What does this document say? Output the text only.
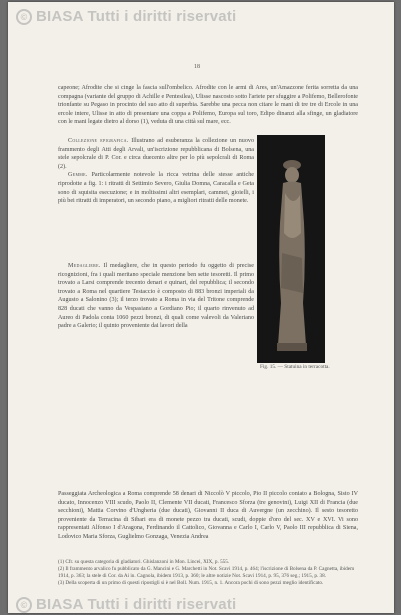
© BIASA Tutti i diritti riservati
18

capeone; Afrodite che si cinge la fascia sull'ombelico. Afrodite con le armi di Ares, un'Amazzone ferita sorretta da una compagna (variante del gruppo di Achille e Pentesilea), Ulisse nascosto sotto l'ariete per sfuggire a Polifemo, Bellerofonte trionfante su Pegaso in procinto del suo atto di superbia. Sarebbe una pecca non citare le mani di tre tre di Ercole in una ercole intere, Ulisse in atto di presentare una coppa a Polifemo, Europa sul toro, Edipo dinanzi alla sfinge, un gladiatore con le mani legate dietro al dorso (1), veduta di una città sul mare, ecc.

Collezione epigrafica. Illustrano ad esuberanza la collezione un nuovo frammento degli Atti degli Arvali, un'iscrizione repubblicana di Bolsena, una stele sepolcrale di P. Cor. e circa duecento altre per lo più sepolcrali di Roma (2).

Gemme. Particolarmente notevole la ricca vetrina delle stesse antiche riprodotte a fig. 1: i ritratti di Settimio Severo, Giulia Domna, Caracalla e Geta sono di squisita esecuzione; e in moltissimi altri esemplari, cammei, gioielli, i più bei ritratti di imperatori, un secondo piano, a migliori ritratti delle monete.

Medagliere. Il medagliere, che in questo periodo fu oggetto di precise ricognizioni, fra i quali meritano speciale menzione ben sette tesoretti. Il primo trovato a Larsi comprende trecento denari e quinari, del repubblica; il secondo trovato a Roma nel quartiere Testaccio è composto di 883 bronzi imperiali da Augusto a Salonino (3); il terzo trovato a Roma in via del Tritone comprende 828 ducati che vanno da Vespasiano a Gordiano Pio; il quarto rinvenuto ad Aureo di Padola conta 1060 pezzi bronzi, di quali come valevoli da Valeriano padre a Galerio; il quinto proveniente dai lavori della

Fig. 15. — Statuina in terracotta.

Passeggiata Archeologica a Roma comprende 58 denari di Niccolò V piccolo, Pio II piccolo coniato a Bologna, Sisto IV ducato, Innocenzo VIII scudo, Paolo II, Clemente VII ducati, Francesco Sforza (tre genovini), Luigi XII di Francia (due secchioni), Mattia Corvino d'Ungheria (due ducati), Giovanni II duca di Auvergne (un zecchino). Il sesto tesoretto proveniente da Terracina di Sibari era di monete pezzo tra ducati, scudi, doppie d'oro del sec. XV e XVI. Vi sono rappresentati Alfonso I d'Aragona, Ferdinando il Cattolico, Giovanna e Carlo I, Carlo V, Paolo III repubblica di Siena, Lodovico Maria Sforza, Guglielmo Gonzaga, Venezia Andrea

(1) Cfr. su questa categoria di gladiatori. Ghislanzoni in Mon. Lincei, XIX, p. 555.
(2) Il frammento arvalico fu pubblicato da G. Mancini e G. Marchetti in Not. Scavi 1914, p. 464; l'iscrizione di Bolsena da P. Cagnetta, ibidem 1914, p. 363; la stele di Cor. da Ai in. Cagnola, ibidem 1913, p. 360; le altre notizie Not. Scavi 1914, p. 95, 376 seg.; 1915, p. 38.
(3) Della scoperta di un primo di questi ripostigli si è nel Boll. Num. 1915, n. 1. Ancora pochi di sono pezzi meglio identificato.
© BIASA Tutti i diritti riservati
